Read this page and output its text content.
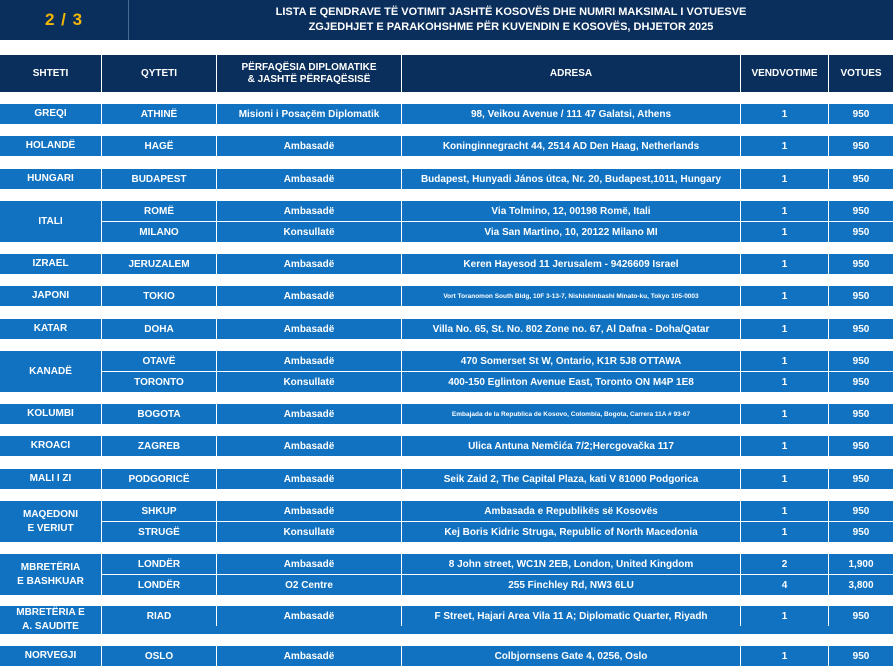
2 / 3	LISTA E QENDRAVE TË VOTIMIT JASHTË KOSOVËS DHE NUMRI MAKSIMAL I VOTUESVE
ZGJEDHJET E PARAKOHSHME PËR KUVENDIN E KOSOVËS, DHJETOR 2025
SHTETI	QYTETI
PËRFAQËSIA DIPLOMATIKE
& JASHTË PËRFAQËSISË
ADRESA	VENDVOTIME	VOTUES
GREQI	ATHINË	Misioni i Posaçëm Diplomatik	98, Veikou Avenue / 111 47 Galatsi, Athens	1	950
HOLANDË	HAGË	Ambasadë	Koninginnegracht 44, 2514 AD Den Haag, Netherlands	1	950
HUNGARI	BUDAPEST	Ambasadë	Budapest, Hunyadi János útca, Nr. 20, Budapest,1011, Hungary	1	950
ITALI
ROMË	Ambasadë	Via Tolmino, 12, 00198 Romë, Itali	1	950
MILANO	Konsullatë	Via San Martino, 10, 20122 Milano MI	1	950
IZRAEL	JERUZALEM	Ambasadë	Keren Hayesod 11 Jerusalem - 9426609 Israel	1	950
JAPONI	TOKIO	Ambasadë	Vort Toranomon South Bldg, 10F 3-13-7, Nishishinbashi Minato-ku, Tokyo 105-0003	1	950
KATAR	DOHA	Ambasadë	Villa No. 65, St. No. 802 Zone no. 67, Al Dafna - Doha/Qatar	1	950
KANADË
OTAVË	Ambasadë	470 Somerset St W, Ontario, K1R 5J8 OTTAWA	1	950
TORONTO	Konsullatë	400-150 Eglinton Avenue East, Toronto ON M4P 1E8	1	950
KOLUMBI	BOGOTA	Ambasadë	Embajada de la Republica de Kosovo, Colombia, Bogota, Carrera 11A # 93-67	1	950
KROACI	ZAGREB	Ambasadë	Ulica Antuna Nemčića 7/2;Hercgovačka 117	1	950
MALI I ZI	PODGORICË	Ambasadë	Seik Zaid 2, The Capital Plaza, kati V 81000 Podgorica	1	950
MAQEDONI
E VERIUT
SHKUP	Ambasadë	Ambasada e Republikës së Kosovës	1	950
STRUGË	Konsullatë	Kej Boris Kidric Struga, Republic of North Macedonia	1	950
MBRETËRIA
E BASHKUAR
LONDËR	Ambasadë	8 John street, WC1N 2EB, London, United Kingdom	2	1,900
LONDËR	O2 Centre	255 Finchley Rd, NW3 6LU	4	3,800
MBRETËRIA E
A. SAUDITE
RIAD	Ambasadë	F Street, Hajari Area Vila 11 A; Diplomatic Quarter, Riyadh	1	950
NORVEGJI	OSLO	Ambasadë	Colbjornsens Gate 4, 0256, Oslo	1	950
